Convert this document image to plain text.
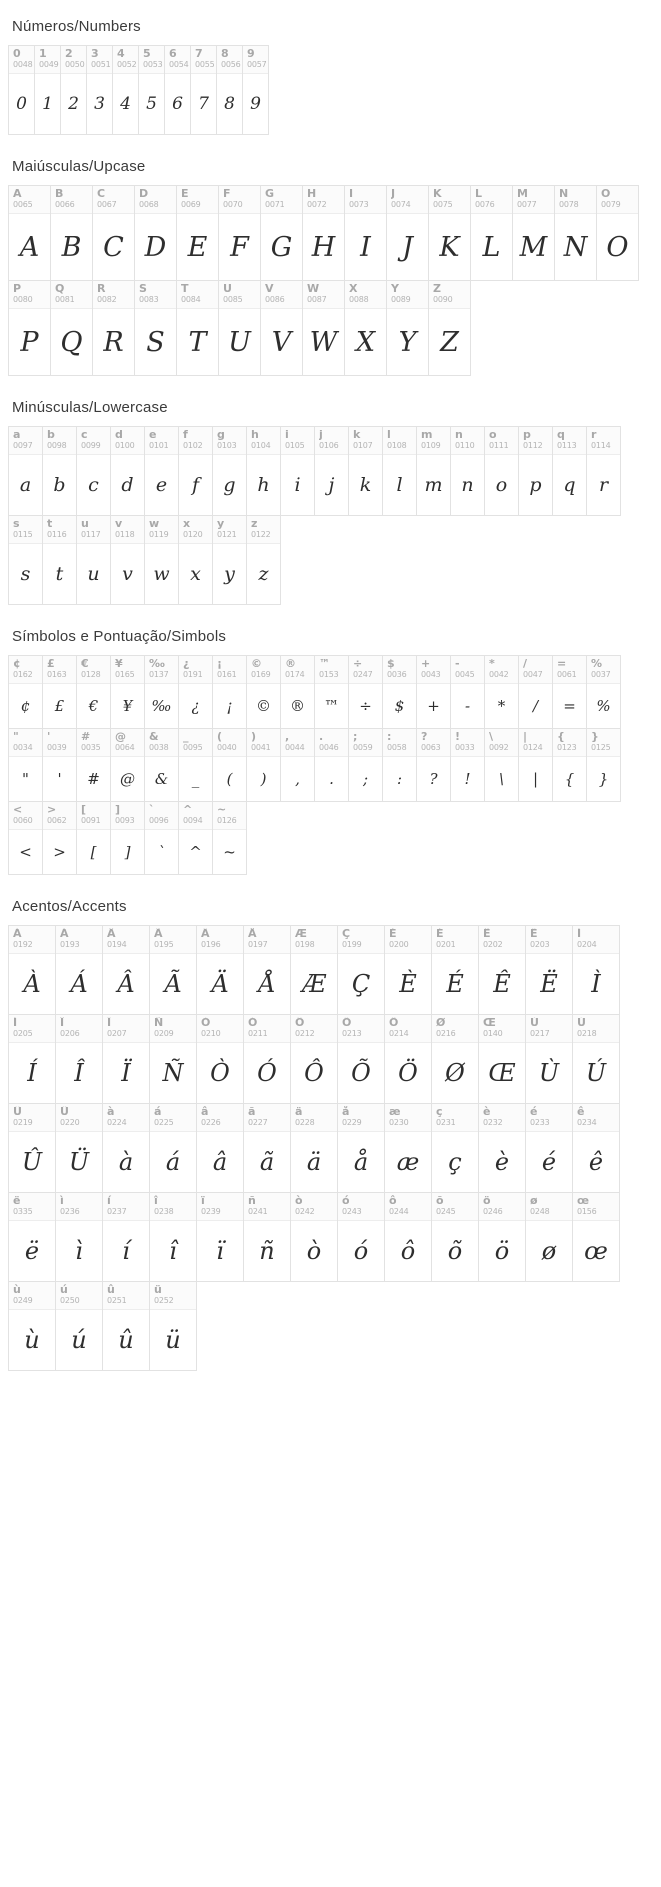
Números/Numbers
0
0048
0
1
0049
1
2
0050
2
3
0051
3
4
0052
4
5
0053
5
6
0054
6
7
0055
7
8
0056
8
9
0057
9
Maiúsculas/Upcase
A
0065
A
B
0066
B
C
0067
C
D
0068
D
E
0069
E
F
0070
F
G
0071
G
H
0072
H
I
0073
I
J
0074
J
K
0075
K
L
0076
L
M
0077
M
N
0078
N
O
0079
O
P
0080
P
Q
0081
Q
R
0082
R
S
0083
S
T
0084
T
U
0085
U
V
0086
V
W
0087
W
X
0088
X
Y
0089
Y
Z
0090
Z
Minúsculas/Lowercase
a
0097
a
b
0098
b
c
0099
c
d
0100
d
e
0101
e
f
0102
f
g
0103
g
h
0104
h
i
0105
i
j
0106
j
k
0107
k
l
0108
l
m
0109
m
n
0110
n
o
0111
o
p
0112
p
q
0113
q
r
0114
r
s
0115
s
t
0116
t
u
0117
u
v
0118
v
w
0119
w
x
0120
x
y
0121
y
z
0122
z
Símbolos e Pontuação/Simbols
¢
0162
¢
£
0163
£
€
0128
€
¥
0165
¥
‰
0137
‰
¿
0191
¿
¡
0161
¡
©
0169
©
®
0174
®
™
0153
™
÷
0247
÷
$
0036
$
+
0043
+
-
0045
-
*
0042
*
/
0047
/
=
0061
=
%
0037
%
"
0034
"
'
0039
'
#
0035
#
@
0064
@
&
0038
&
_
0095
_
(
0040
(
)
0041
)
,
0044
,
.
0046
.
;
0059
;
:
0058
:
?
0063
?
!
0033
!
\
0092
\
|
0124
|
{
0123
{
}
0125
}
<
0060
<
>
0062
>
[
0091
[
]
0093
]
`
0096
`
^
0094
^
~
0126
~
Acentos/Accents
À
0192
À
Á
0193
Á
Â
0194
Â
Ã
0195
Ã
Ä
0196
Ä
Å
0197
Å
Æ
0198
Æ
Ç
0199
Ç
È
0200
È
É
0201
É
Ê
0202
Ê
Ë
0203
Ë
Ì
0204
Ì
Í
0205
Í
Î
0206
Î
Ï
0207
Ï
Ñ
0209
Ñ
Ò
0210
Ò
Ó
0211
Ó
Ô
0212
Ô
Õ
0213
Õ
Ö
0214
Ö
Ø
0216
Ø
Œ
0140
Œ
Ù
0217
Ù
Ú
0218
Ú
Û
0219
Û
Ü
0220
Ü
à
0224
à
á
0225
á
â
0226
â
ã
0227
ã
ä
0228
ä
å
0229
å
æ
0230
æ
ç
0231
ç
è
0232
è
é
0233
é
ê
0234
ê
ë
0335
ë
ì
0236
ì
í
0237
í
î
0238
î
ï
0239
ï
ñ
0241
ñ
ò
0242
ò
ó
0243
ó
ô
0244
ô
õ
0245
õ
ö
0246
ö
ø
0248
ø
œ
0156
œ
ù
0249
ù
ú
0250
ú
û
0251
û
ü
0252
ü
